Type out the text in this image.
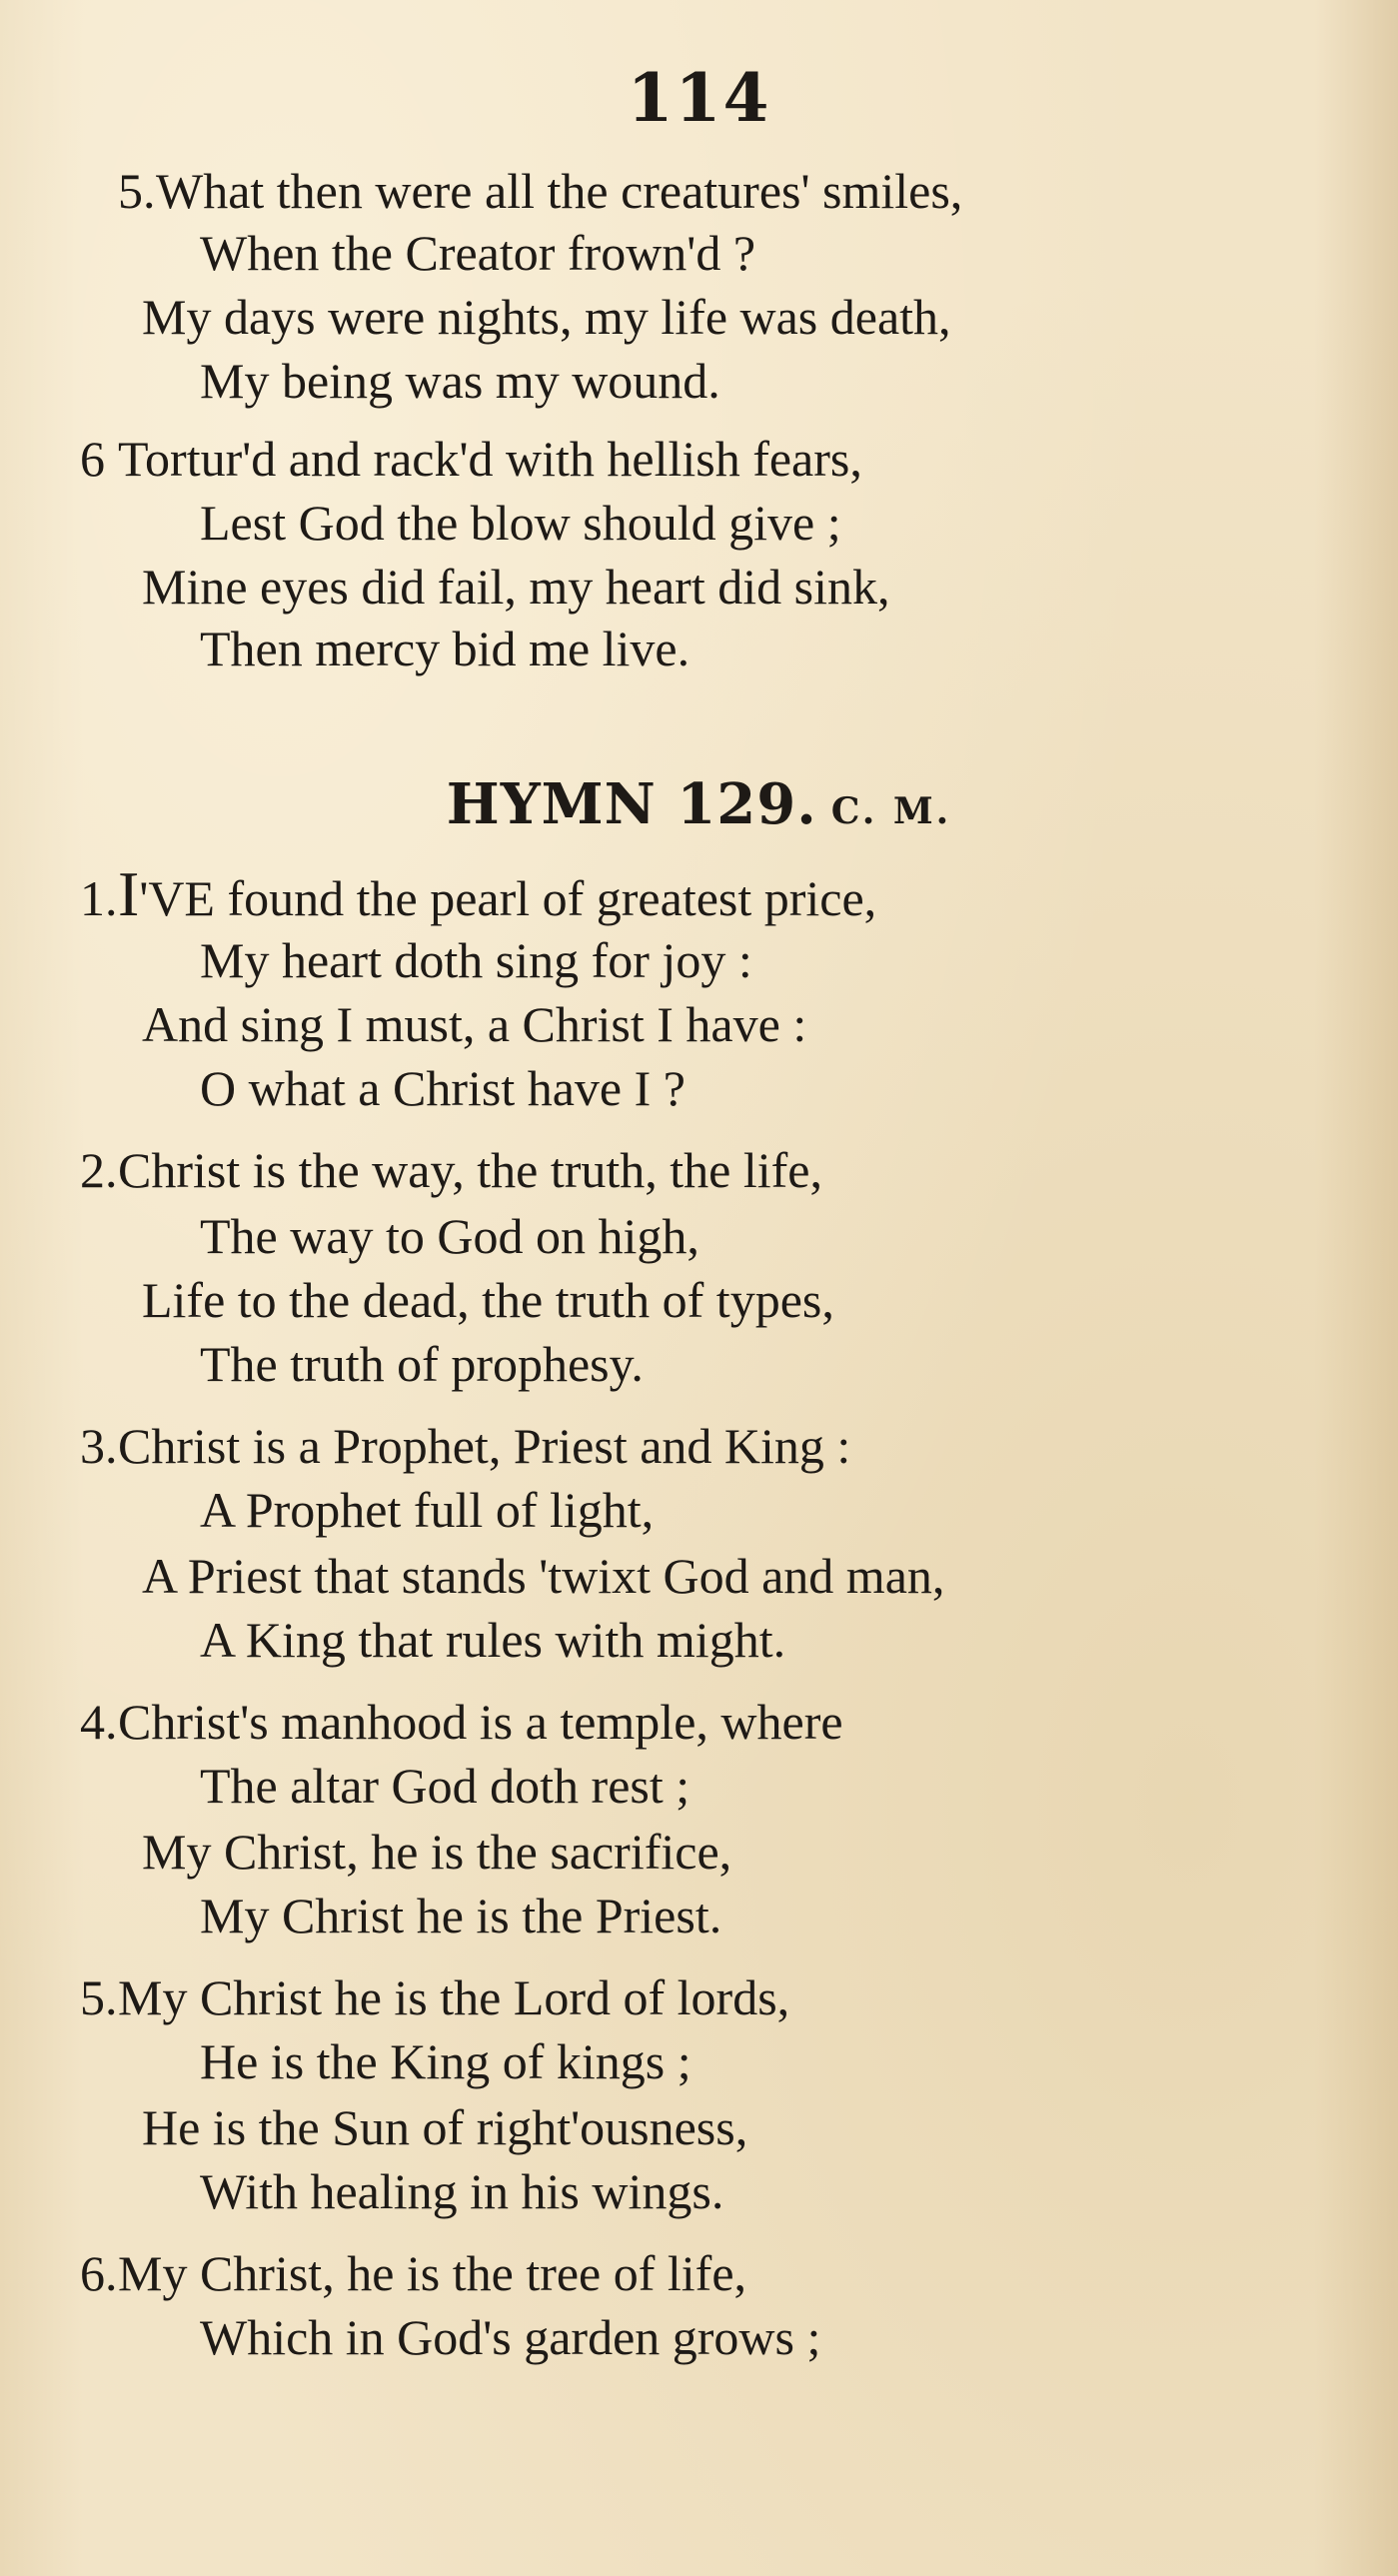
114
5.What then were all the creatures' smiles,
When the Creator frown'd ?
My days were nights, my life was death,
My being was my wound.
6 Tortur'd and rack'd with hellish fears,
Lest God the blow should give ;
Mine eyes did fail, my heart did sink,
Then mercy bid me live.
HYMN 129. C. M.
1.I'VE found the pearl of greatest price,
My heart doth sing for joy :
And sing I must, a Christ I have :
O what a Christ have I ?
2.Christ is the way, the truth, the life,
The way to God on high,
Life to the dead, the truth of types,
The truth of prophesy.
3.Christ is a Prophet, Priest and King :
A Prophet full of light,
A Priest that stands 'twixt God and man,
A King that rules with might.
4.Christ's manhood is a temple, where
The altar God doth rest ;
My Christ, he is the sacrifice,
My Christ he is the Priest.
5.My Christ he is the Lord of lords,
He is the King of kings ;
He is the Sun of right'ousness,
With healing in his wings.
6.My Christ, he is the tree of life,
Which in God's garden grows ;
